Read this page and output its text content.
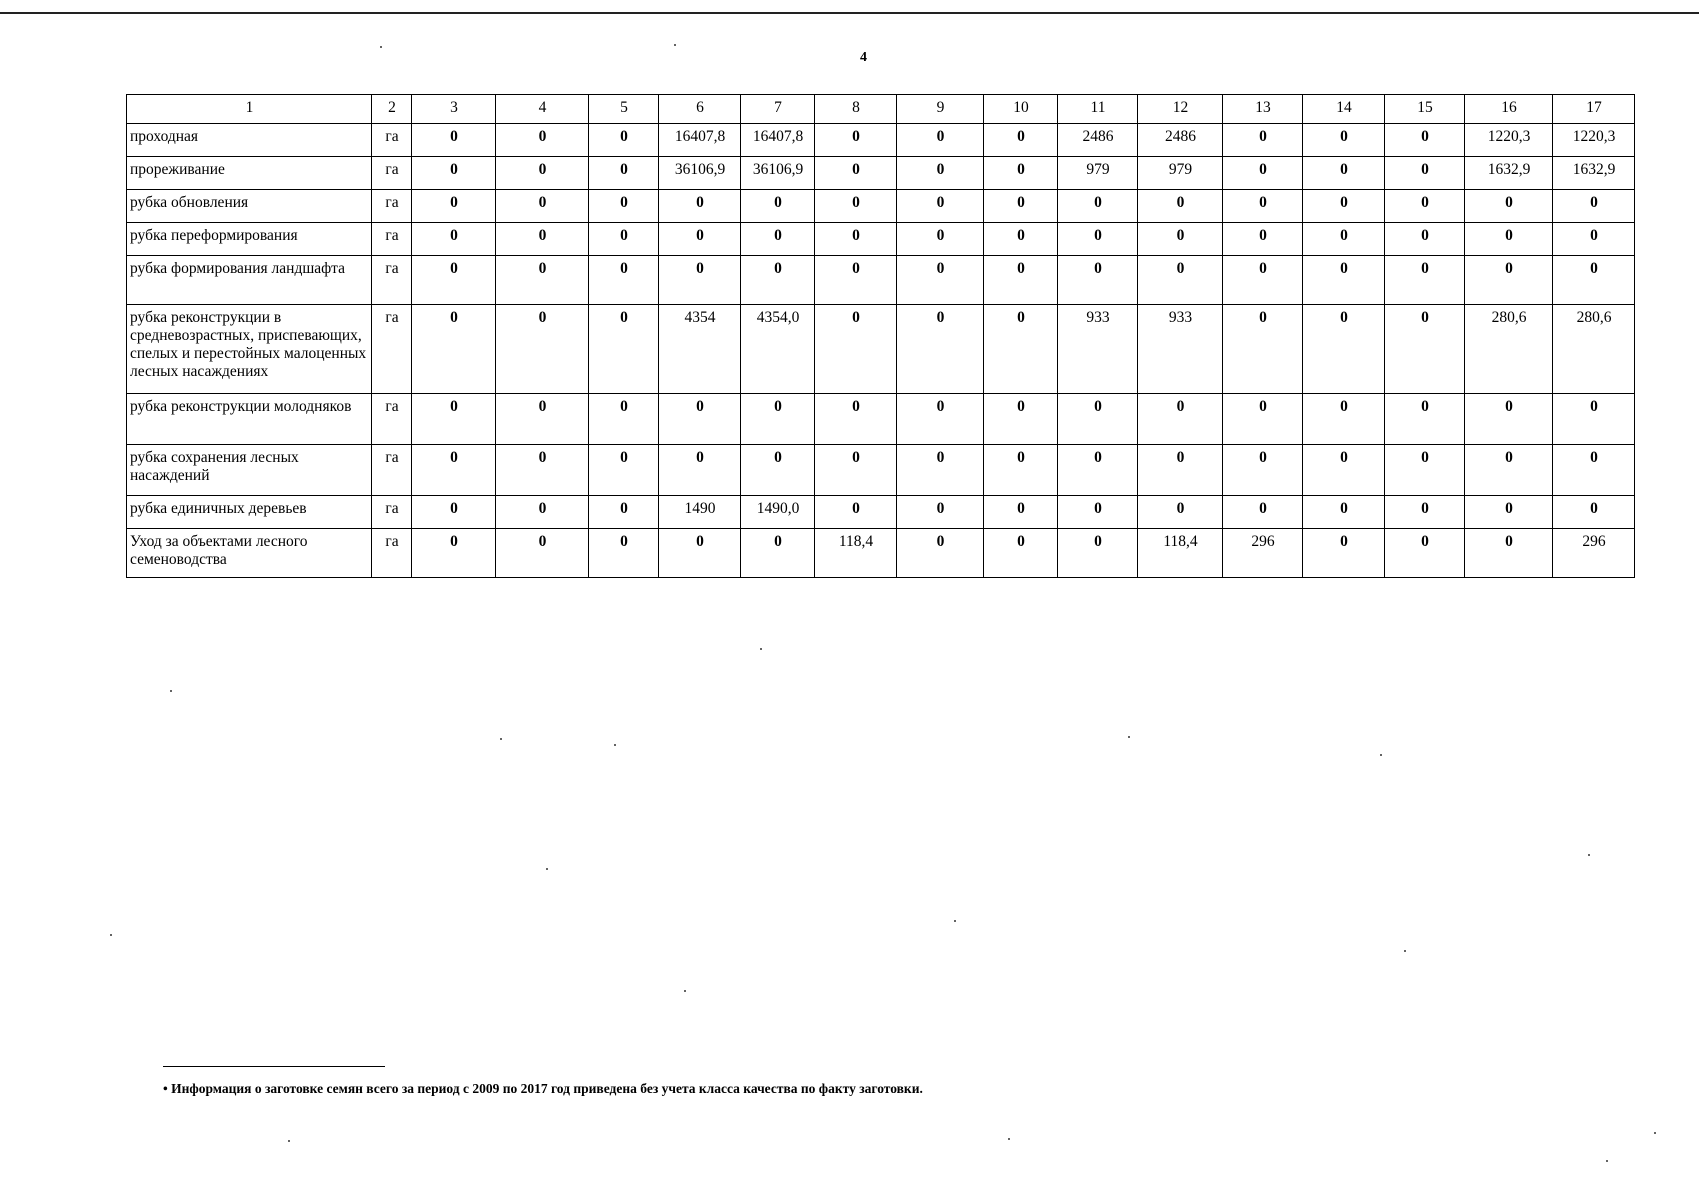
4
1	2	3	4	5	6	7	8	9	10	11	12	13	14	15	16	17
проходная	га	0	0	0	16407,8	16407,8	0	0	0	2486	2486	0	0	0	1220,3	1220,3
прореживание	га	0	0	0	36106,9	36106,9	0	0	0	979	979	0	0	0	1632,9	1632,9
рубка обновления	га	0	0	0	0	0	0	0	0	0	0	0	0	0	0	0
рубка переформирования	га	0	0	0	0	0	0	0	0	0	0	0	0	0	0	0
рубка формирования ландшафта	га	0	0	0	0	0	0	0	0	0	0	0	0	0	0	0
рубка реконструкции в средневозрастных, приспевающих, спелых и перестойных малоценных лесных насаждениях	га	0	0	0	4354	4354,0	0	0	0	933	933	0	0	0	280,6	280,6
рубка реконструкции молодняков	га	0	0	0	0	0	0	0	0	0	0	0	0	0	0	0
рубка сохранения лесных насаждений	га	0	0	0	0	0	0	0	0	0	0	0	0	0	0	0
рубка единичных деревьев	га	0	0	0	1490	1490,0	0	0	0	0	0	0	0	0	0	0
Уход за объектами лесного семеноводства	га	0	0	0	0	0	118,4	0	0	0	118,4	296	0	0	0	296
• Информация о заготовке семян всего за период с 2009 по 2017 год приведена без учета класса качества по факту заготовки.
